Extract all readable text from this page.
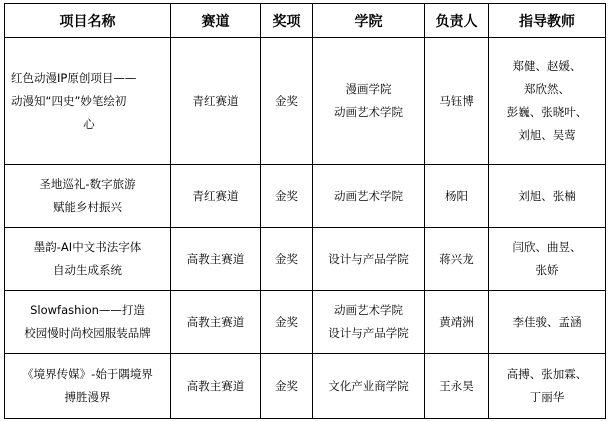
项目名称	赛道	奖项	学院	负责人	指导教师

红色动漫IP原创项目——
动漫知“四史”妙笔绘初
心	青红赛道	金奖	漫画学院
动画艺术学院	马钰博	郑健、赵媛、
郑欣然、
彭巍、张晓叶、
刘旭、吴莺

圣地巡礼-数字旅游
赋能乡村振兴	青红赛道	金奖	动画艺术学院	杨阳	刘旭、张楠

墨韵-AI中文书法字体
自动生成系统	高教主赛道	金奖	设计与产品学院	蒋兴龙	闫欣、曲昱、
张娇

Slowfashion——打造
校园慢时尚校园服装品牌	高教主赛道	金奖	动画艺术学院
设计与产品学院	黄靖洲	李佳骏、孟涵

《境界传媒》-始于隅境界
搏胜漫界	高教主赛道	金奖	文化产业商学院	王永昊	高搏、张加霖、
丁丽华
